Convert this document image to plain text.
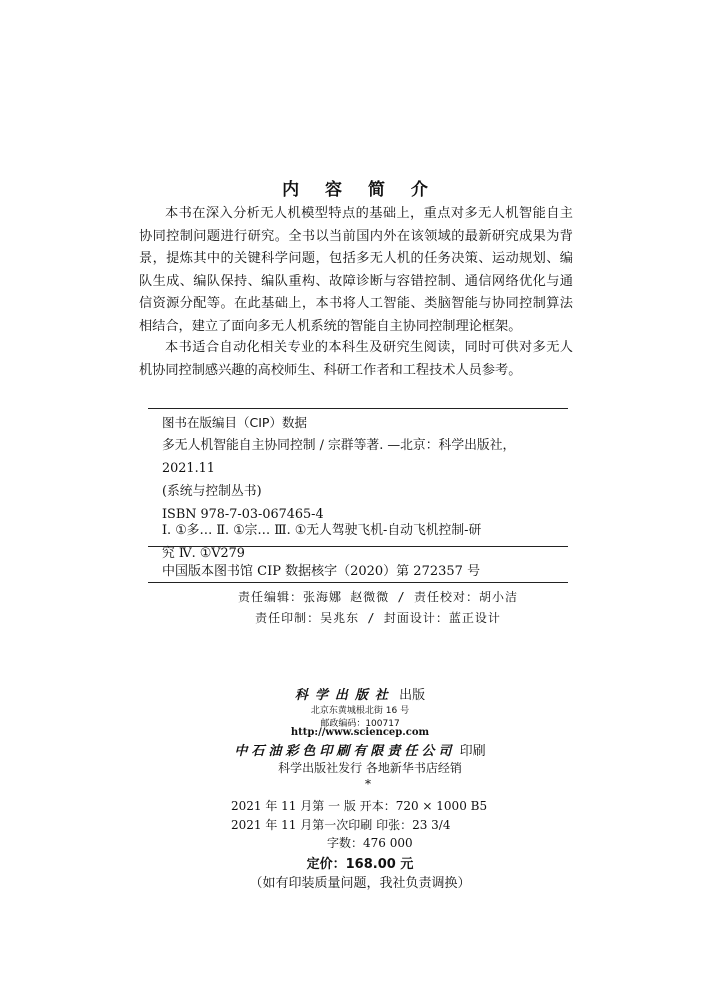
内 容 简 介

本书在深入分析无人机模型特点的基础上，重点对多无人机智能自主协同控制问题进行研究。全书以当前国内外在该领域的最新研究成果为背景，提炼其中的关键科学问题，包括多无人机的任务决策、运动规划、编队生成、编队保持、编队重构、故障诊断与容错控制、通信网络优化与通信资源分配等。在此基础上，本书将人工智能、类脑智能与协同控制算法相结合，建立了面向多无人机系统的智能自主协同控制理论框架。

本书适合自动化相关专业的本科生及研究生阅读，同时可供对多无人机协同控制感兴趣的高校师生、科研工作者和工程技术人员参考。

图书在版编目（CIP）数据
多无人机智能自主协同控制 / 宗群等著. —北京：科学出版社，
2021.11
(系统与控制丛书)
ISBN 978-7-03-067465-4
Ⅰ. ①多… Ⅱ. ①宗… Ⅲ. ①无人驾驶飞机-自动飞机控制-研
究 Ⅳ. ①V279
中国版本图书馆 CIP 数据核字（2020）第 272357 号
责任编辑：张海娜 赵微微 / 责任校对：胡小洁
责任印制：吴兆东 / 封面设计：蓝正设计
科学出版社 出版
北京东黄城根北街 16 号
邮政编码：100717
http://www.sciencep.com
中石油彩色印刷有限责任公司 印刷
科学出版社发行 各地新华书店经销
*
2021 年 11 月第 一 版 开本：720 × 1000 B5
2021 年 11 月第一次印刷 印张：23 3/4
字数：476 000
定价：168.00 元
（如有印装质量问题，我社负责调换）
